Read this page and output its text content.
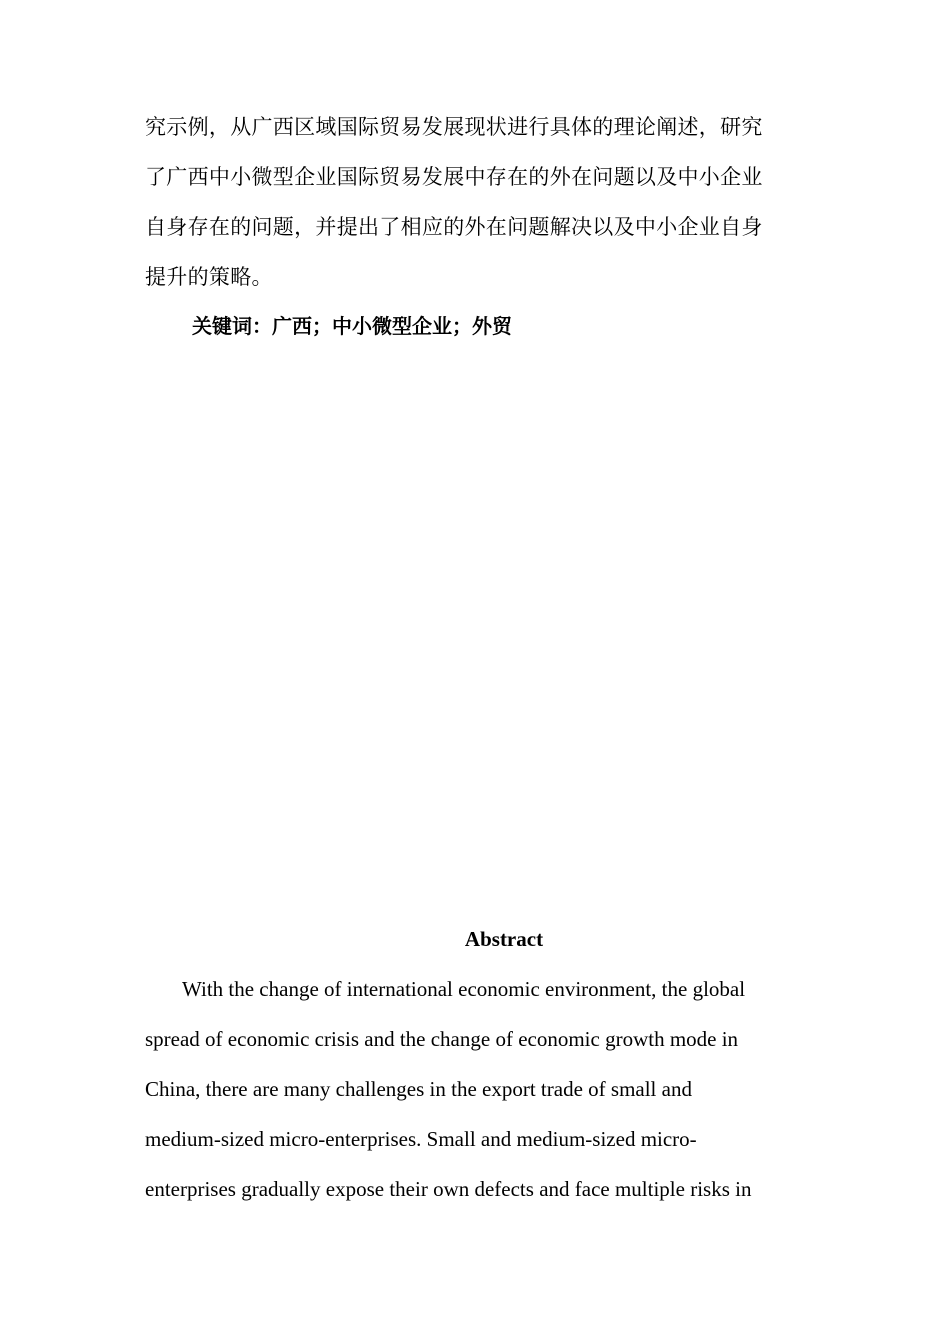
究示例，从广西区域国际贸易发展现状进行具体的理论阐述，研究
了广西中小微型企业国际贸易发展中存在的外在问题以及中小企业
自身存在的问题，并提出了相应的外在问题解决以及中小企业自身
提升的策略。
关键词：广西；中小微型企业；外贸
Abstract
With the change of international economic environment, the global
spread of economic crisis and the change of economic growth mode in
China, there are many challenges in the export trade of small and
medium-sized micro-enterprises. Small and medium-sized micro-
enterprises gradually expose their own defects and face multiple risks in
